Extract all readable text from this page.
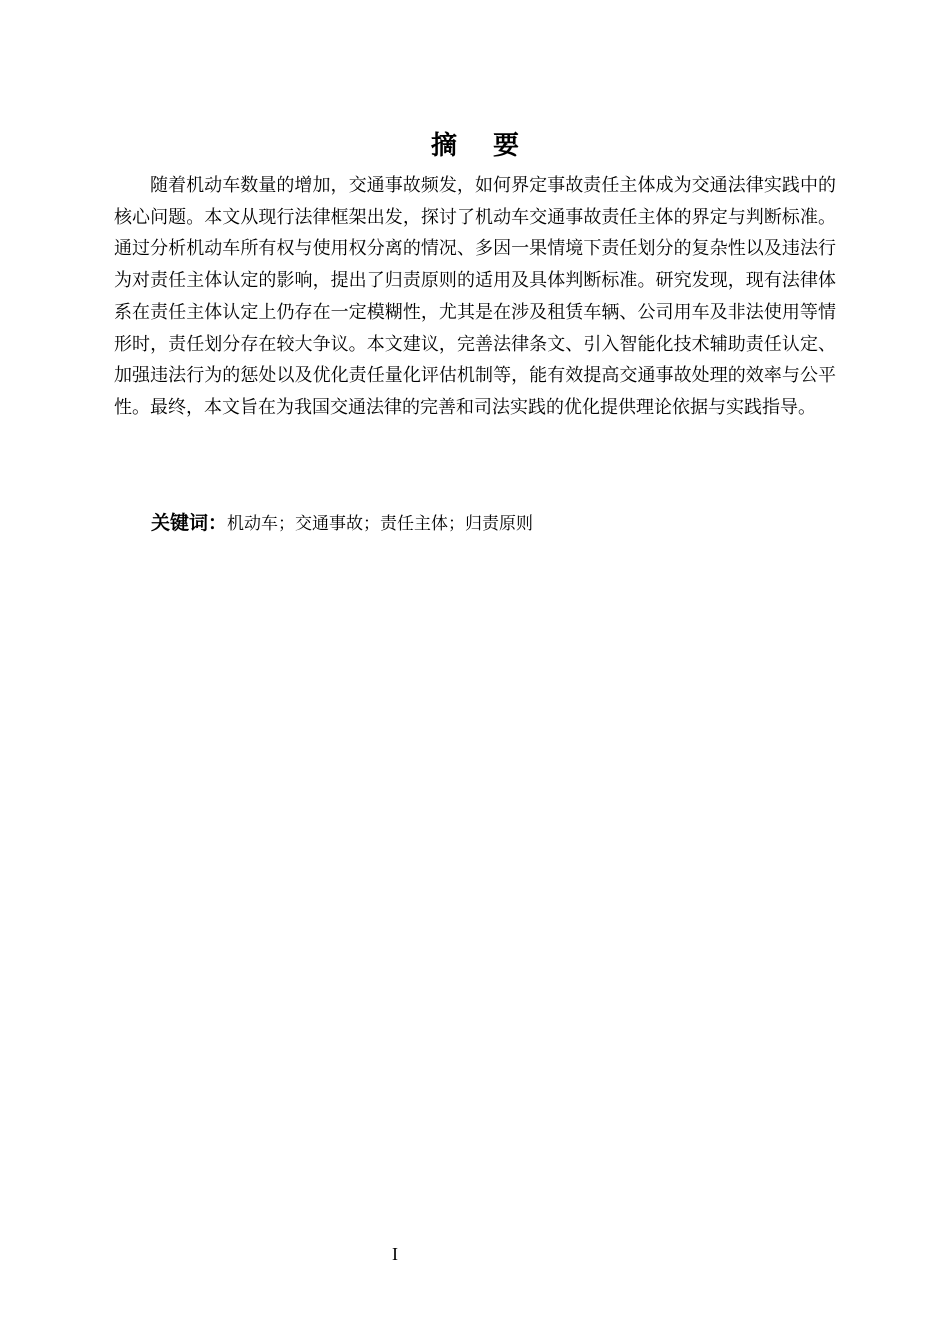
摘要

随着机动车数量的增加，交通事故频发，如何界定事故责任主体成为交通法律实践中的核心问题。本文从现行法律框架出发，探讨了机动车交通事故责任主体的界定与判断标准。通过分析机动车所有权与使用权分离的情况、多因一果情境下责任划分的复杂性以及违法行为对责任主体认定的影响，提出了归责原则的适用及具体判断标准。研究发现，现有法律体系在责任主体认定上仍存在一定模糊性，尤其是在涉及租赁车辆、公司用车及非法使用等情形时，责任划分存在较大争议。本文建议，完善法律条文、引入智能化技术辅助责任认定、加强违法行为的惩处以及优化责任量化评估机制等，能有效提高交通事故处理的效率与公平性。最终，本文旨在为我国交通法律的完善和司法实践的优化提供理论依据与实践指导。

关键词：机动车；交通事故；责任主体；归责原则
I
